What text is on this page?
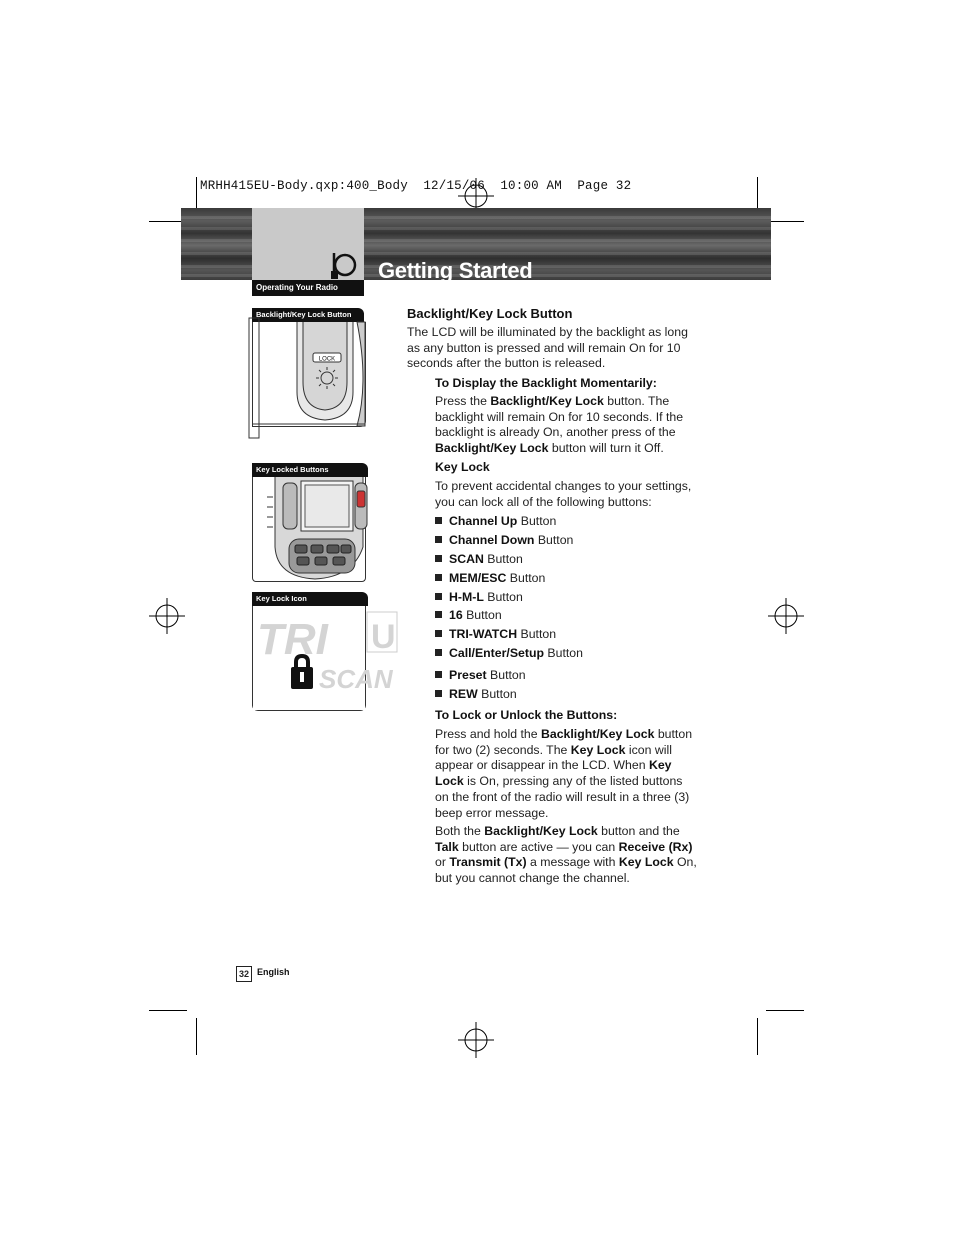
MRHH415EU-Body.qxp:400_Body  12/15/06  10:00 AM  Page 32
Operating Your Radio
Getting Started
Backlight/Key Lock Button
LOCK
Key Locked Buttons
Key Lock Icon
TRI U
SCAN
Backlight/Key Lock Button
The LCD will be illuminated by the backlight as long as any button is pressed and will remain On for 10 seconds after the button is released.
To Display the Backlight Momentarily:
Press the Backlight/Key Lock button. The backlight will remain On for 10 seconds. If the backlight is already On, another press of the Backlight/Key Lock button will turn it Off.
Key Lock
To prevent accidental changes to your settings, you can lock all of the following buttons:
Channel Up Button
Channel Down Button
SCAN Button
MEM/ESC Button
H-M-L Button
16 Button
TRI-WATCH Button
Call/Enter/Setup Button
Preset Button
REW Button
To Lock or Unlock the Buttons:
Press and hold the Backlight/Key Lock button for two (2) seconds. The Key Lock icon will appear or disappear in the LCD. When Key Lock is On, pressing any of the listed buttons on the front of the radio will result in a three (3) beep error message.
Both the Backlight/Key Lock button and the Talk button are active — you can Receive (Rx) or Transmit (Tx) a message with Key Lock On, but you cannot change the channel.
32 English
